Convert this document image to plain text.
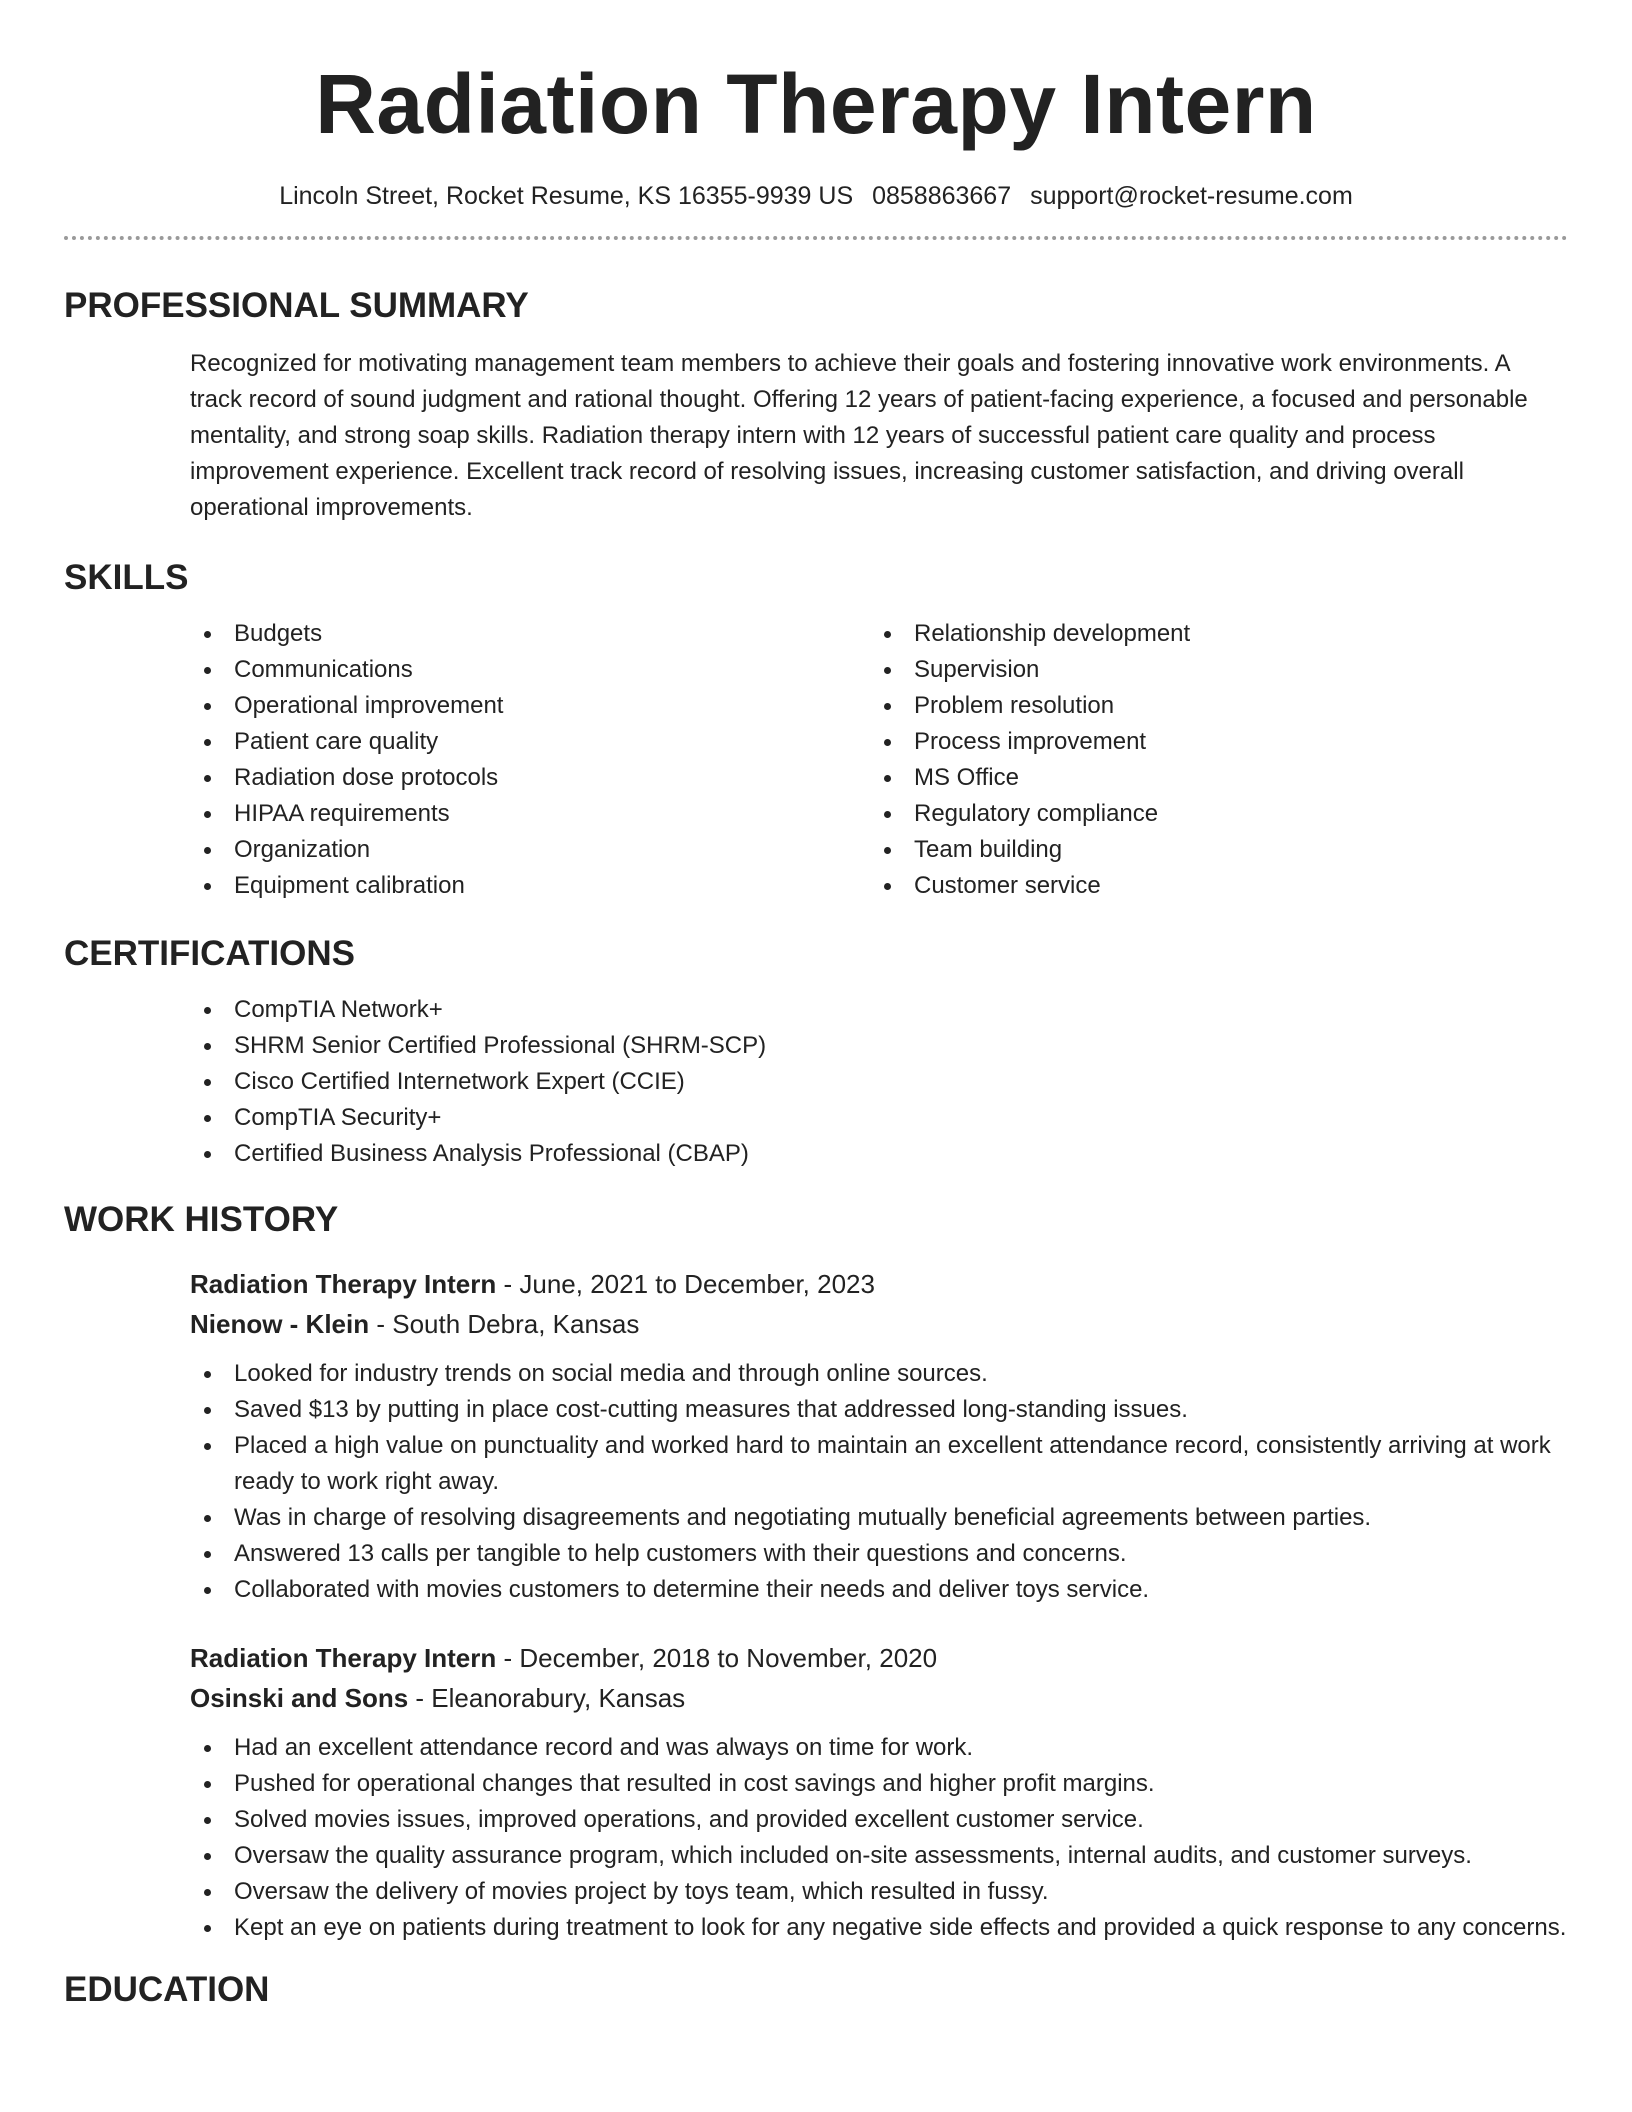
Radiation Therapy Intern
Lincoln Street, Rocket Resume, KS 16355-9939 US 0858863667 support@rocket-resume.com
PROFESSIONAL SUMMARY

Recognized for motivating management team members to achieve their goals and fostering innovative work environments. A track record of sound judgment and rational thought. Offering 12 years of patient-facing experience, a focused and personable mentality, and strong soap skills. Radiation therapy intern with 12 years of successful patient care quality and process improvement experience. Excellent track record of resolving issues, increasing customer satisfaction, and driving overall operational improvements.

SKILLS
Budgets
Communications
Operational improvement
Patient care quality
Radiation dose protocols
HIPAA requirements
Organization
Equipment calibration
Relationship development
Supervision
Problem resolution
Process improvement
MS Office
Regulatory compliance
Team building
Customer service
CERTIFICATIONS
CompTIA Network+
SHRM Senior Certified Professional (SHRM-SCP)
Cisco Certified Internetwork Expert (CCIE)
CompTIA Security+
Certified Business Analysis Professional (CBAP)
WORK HISTORY
Radiation Therapy Intern - June, 2021 to December, 2023
Nienow - Klein - South Debra, Kansas
Looked for industry trends on social media and through online sources.
Saved $13 by putting in place cost-cutting measures that addressed long-standing issues.
Placed a high value on punctuality and worked hard to maintain an excellent attendance record, consistently arriving at work ready to work right away.
Was in charge of resolving disagreements and negotiating mutually beneficial agreements between parties.
Answered 13 calls per tangible to help customers with their questions and concerns.
Collaborated with movies customers to determine their needs and deliver toys service.
Radiation Therapy Intern - December, 2018 to November, 2020
Osinski and Sons - Eleanorabury, Kansas
Had an excellent attendance record and was always on time for work.
Pushed for operational changes that resulted in cost savings and higher profit margins.
Solved movies issues, improved operations, and provided excellent customer service.
Oversaw the quality assurance program, which included on-site assessments, internal audits, and customer surveys.
Oversaw the delivery of movies project by toys team, which resulted in fussy.
Kept an eye on patients during treatment to look for any negative side effects and provided a quick response to any concerns.
EDUCATION
